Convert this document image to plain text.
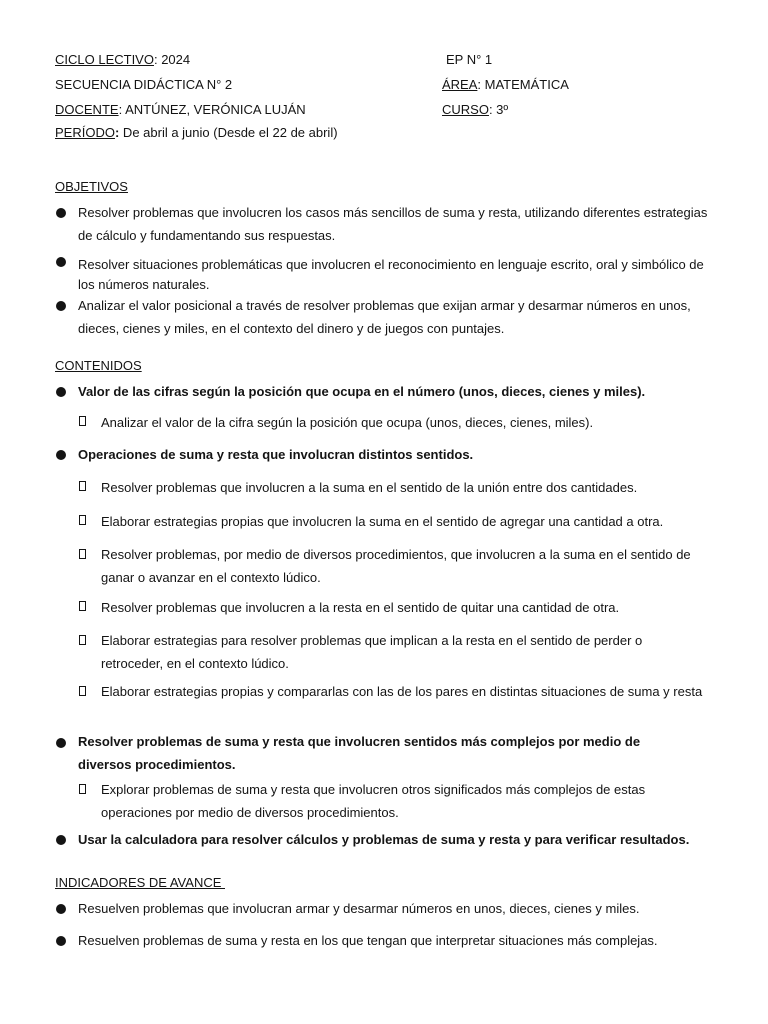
CICLO LECTIVO: 2024	EP N° 1
SECUENCIA DIDÁCTICA N° 2	ÁREA: MATEMÁTICA
DOCENTE: ANTÚNEZ, VERÓNICA LUJÁN	CURSO: 3º
PERÍODO: De abril a junio (Desde el 22 de abril)
OBJETIVOS
Resolver problemas que involucren los casos más sencillos de suma y resta, utilizando diferentes estrategias de cálculo y fundamentando sus respuestas.
Resolver situaciones problemáticas que involucren el reconocimiento en lenguaje escrito, oral y simbólico de los números naturales.
Analizar el valor posicional a través de resolver problemas que exijan armar y desarmar números en unos, dieces, cienes y miles, en el contexto del dinero y de juegos con puntajes.
CONTENIDOS
Valor de las cifras según la posición que ocupa en el número (unos, dieces, cienes y miles).
Analizar el valor de la cifra según la posición que ocupa (unos, dieces, cienes, miles).
Operaciones de suma y resta que involucran distintos sentidos.
Resolver problemas que involucren a la suma en el sentido de la unión entre dos cantidades.
Elaborar estrategias propias que involucren la suma en el sentido de agregar una cantidad a otra.
Resolver problemas, por medio de diversos procedimientos, que involucren a la suma en el sentido de ganar o avanzar en el contexto lúdico.
Resolver problemas que involucren a la resta en el sentido de quitar una cantidad de otra.
Elaborar estrategias para resolver problemas que implican a la resta en el sentido de perder o retroceder, en el contexto lúdico.
Elaborar estrategias propias y compararlas con las de los pares en distintas situaciones de suma y resta
Resolver problemas de suma y resta que involucren sentidos más complejos por medio de diversos procedimientos.
Explorar problemas de suma y resta que involucren otros significados más complejos de estas operaciones por medio de diversos procedimientos.
Usar la calculadora para resolver cálculos y problemas de suma y resta y para verificar resultados.
INDICADORES DE AVANCE
Resuelven problemas que involucran armar y desarmar números en unos, dieces, cienes y miles.
Resuelven problemas de suma y resta en los que tengan que interpretar situaciones más complejas.
